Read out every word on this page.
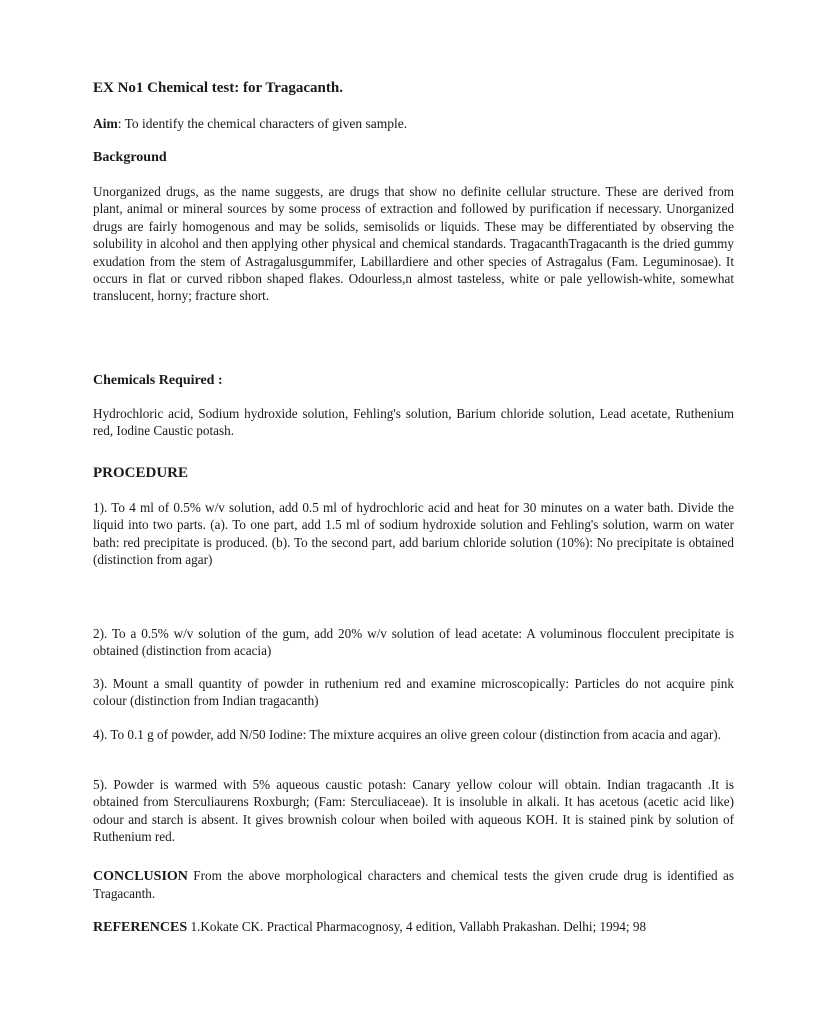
EX No1 Chemical test: for Tragacanth.
Aim: To identify the chemical characters of given sample.
Background

Unorganized drugs, as the name suggests, are drugs that show no definite cellular structure. These are derived from plant, animal or mineral sources by some process of extraction and followed by purification if necessary. Unorganized drugs are fairly homogenous and may be solids, semisolids or liquids. These may be differentiated by observing the solubility in alcohol and then applying other physical and chemical standards. TragacanthTragacanth is the dried gummy exudation from the stem of Astragalusgummifer, Labillardiere and other species of Astragalus (Fam. Leguminosae). It occurs in flat or curved ribbon shaped flakes. Odourless,n almost tasteless, white or pale yellowish-white, somewhat translucent, horny; fracture short.

Chemicals Required :

Hydrochloric acid, Sodium hydroxide solution, Fehling's solution, Barium chloride solution, Lead acetate, Ruthenium red, Iodine Caustic potash.

PROCEDURE

1). To 4 ml of 0.5% w/v solution, add 0.5 ml of hydrochloric acid and heat for 30 minutes on a water bath. Divide the liquid into two parts. (a). To one part, add 1.5 ml of sodium hydroxide solution and Fehling's solution, warm on water bath: red precipitate is produced. (b). To the second part, add barium chloride solution (10%): No precipitate is obtained (distinction from agar)

2). To a 0.5% w/v solution of the gum, add 20% w/v solution of lead acetate: A voluminous flocculent precipitate is obtained (distinction from acacia)

3). Mount a small quantity of powder in ruthenium red and examine microscopically: Particles do not acquire pink colour (distinction from Indian tragacanth)

4). To 0.1 g of powder, add N/50 Iodine: The mixture acquires an olive green colour (distinction from acacia and agar).

5). Powder is warmed with 5% aqueous caustic potash: Canary yellow colour will obtain. Indian tragacanth .It is obtained from Sterculiaurens Roxburgh; (Fam: Sterculiaceae). It is insoluble in alkali. It has acetous (acetic acid like) odour and starch is absent. It gives brownish colour when boiled with aqueous KOH. It is stained pink by solution of Ruthenium red.

CONCLUSION From the above morphological characters and chemical tests the given crude drug is identified as Tragacanth.

REFERENCES 1.Kokate CK. Practical Pharmacognosy, 4 edition, Vallabh Prakashan. Delhi; 1994; 98
